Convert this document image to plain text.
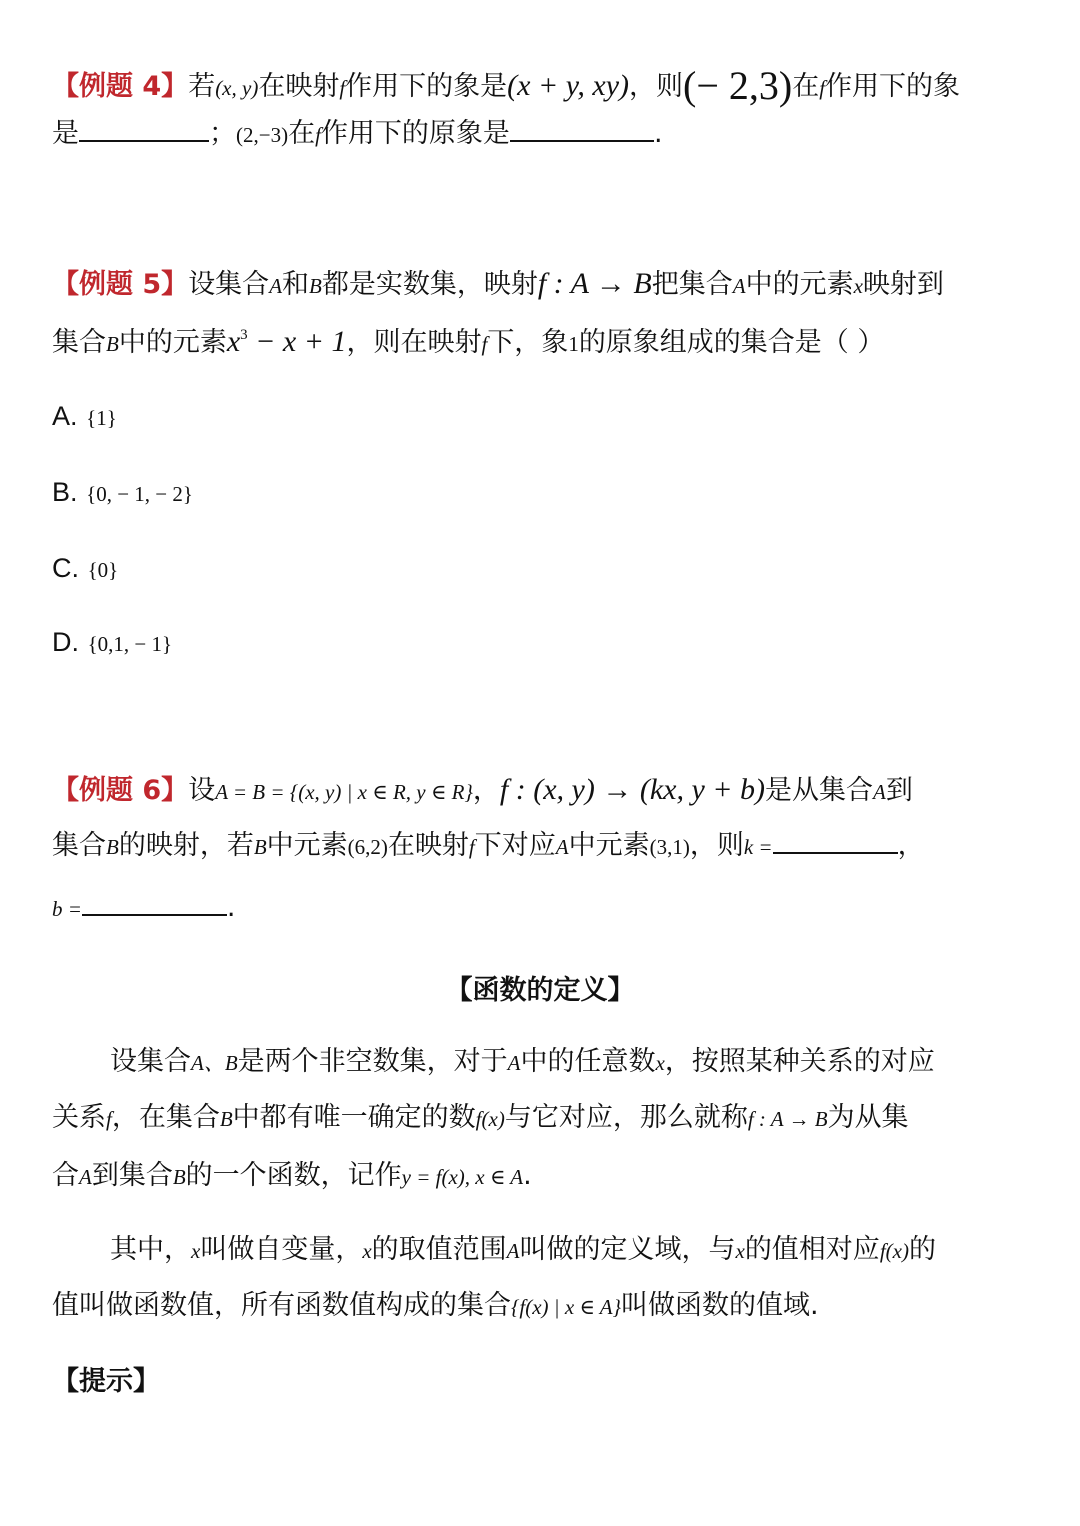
【例题 4】若(x, y)在映射f作用下的象是(x + y, xy)，则(− 2,3)在f作用下的象
是	；(2,−3)在f作用下的原象是	.
【例题 5】设集合A和B都是实数集，映射f : A → B把集合A中的元素x映射到
集合B中的元素$x^3 - x + 1$，则在映射f下，象1的原象组成的集合是（ ）
A. {1}
B. {0, − 1, − 2}
C. {0}
D. {0,1, − 1}
【例题 6】设A = B = {(x, y) | x ∈ R, y ∈ R}，f : (x, y) → (kx, y + b)是从集合A到
集合B的映射，若B中元素(6,2)在映射f下对应A中元素(3,1)，则k =	，
b =	.
【函数的定义】
设集合A、B是两个非空数集，对于A中的任意数x，按照某种关系的对应
关系f，在集合B中都有唯一确定的数f(x)与它对应，那么就称f : A → B为从集
合A到集合B的一个函数，记作y = f(x), x ∈ A.
其中，x叫做自变量，x的取值范围A叫做的定义域，与x的值相对应f(x)的
值叫做函数值，所有函数值构成的集合{f(x) | x ∈ A}叫做函数的值域.
【提示】
